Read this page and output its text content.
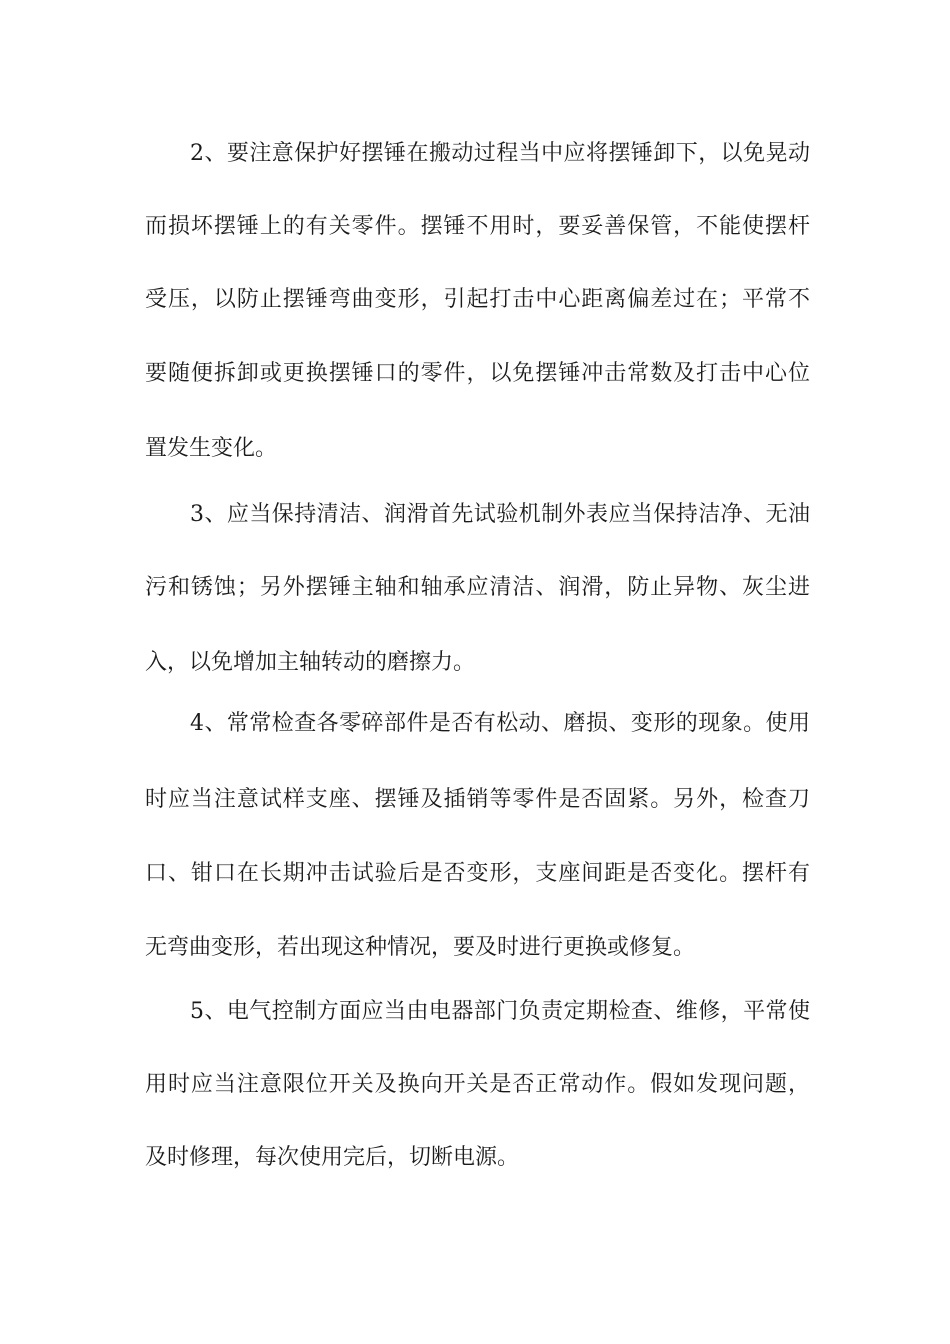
2、要注意保护好摆锤在搬动过程当中应将摆锤卸下，以免晃动
而损坏摆锤上的有关零件。摆锤不用时，要妥善保管，不能使摆杆
受压，以防止摆锤弯曲变形，引起打击中心距离偏差过在；平常不
要随便拆卸或更换摆锤口的零件，以免摆锤冲击常数及打击中心位
置发生变化。
3、应当保持清洁、润滑首先试验机制外表应当保持洁净、无油
污和锈蚀；另外摆锤主轴和轴承应清洁、润滑，防止异物、灰尘进
入，以免增加主轴转动的磨擦力。
4、常常检查各零碎部件是否有松动、磨损、变形的现象。使用
时应当注意试样支座、摆锤及插销等零件是否固紧。另外，检查刀
口、钳口在长期冲击试验后是否变形，支座间距是否变化。摆杆有
无弯曲变形，若出现这种情况，要及时进行更换或修复。
5、电气控制方面应当由电器部门负责定期检查、维修，平常使
用时应当注意限位开关及换向开关是否正常动作。假如发现问题，
及时修理，每次使用完后，切断电源。
